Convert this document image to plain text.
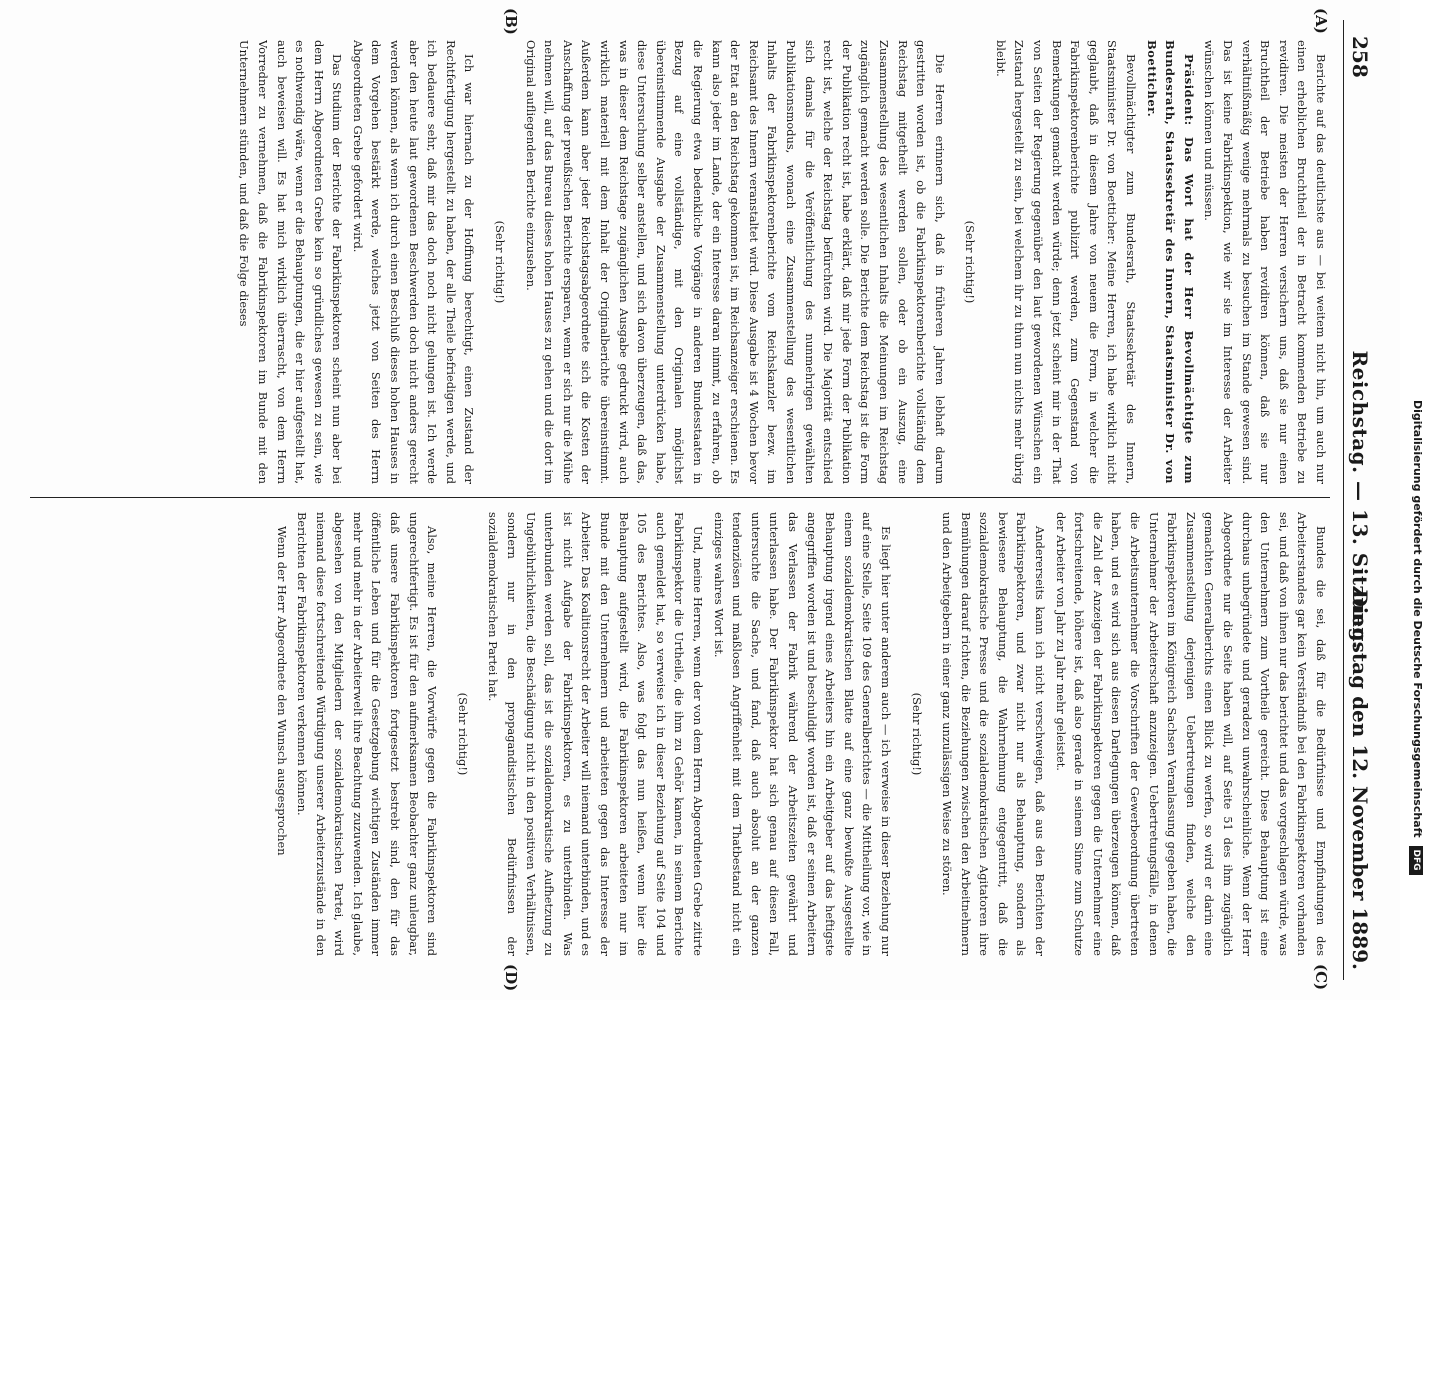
258
Reichstag. — 13. Sitzung.
Dienstag den 12. November 1889.
(A)
(B)
(C)
(D)

Berichte auf das deutlichste aus — bei weitem nicht hin, um auch nur einen erheblichen Bruchtheil der in Betracht kommenden Betriebe zu revidiren. Die meisten der Herren versichern uns, daß sie nur einen Bruchtheil der Betriebe haben revidiren können, daß sie nur verhältnißmäßig wenige mehrmals zu besuchen im Stande gewesen sind. Das ist keine Fabrikinspektion, wie wir sie im Interesse der Arbeiter wünschen können und müssen.

Präsident: Das Wort hat der Herr Bevollmächtigte zum Bundesrath, Staatssekretär des Innern, Staatsminister Dr. von Boetticher.

Bevollmächtigter zum Bundesrath, Staatssekretär des Innern, Staatsminister Dr. von Boetticher: Meine Herren, ich habe wirklich nicht geglaubt, daß in diesem Jahre von neuem die Form, in welcher die Fabrikinspektorenberichte publizirt werden, zum Gegenstand von Bemerkungen gemacht werden würde; denn jetzt scheint mir in der That von Seiten der Regierung gegenüber den laut gewordenen Wünschen ein Zustand hergestellt zu sein, bei welchem ihr zu thun nun nichts mehr übrig bleibt.

(Sehr richtig!)

Die Herren erinnern sich, daß in früheren Jahren lebhaft darum gestritten worden ist, ob die Fabrikinspektorenberichte vollständig dem Reichstag mitgetheilt werden sollen, oder ob ein Auszug, eine Zusammenstellung des wesentlichen Inhalts die Meinungen im Reichstag zugänglich gemacht werden solle. Die Berichte dem Reichstag ist die Form der Publikation recht ist, habe erklärt, daß mir jede Form der Publikation recht ist, welche der Reichstag befürchten wird. Die Majorität entschied sich damals für die Veröffentlichung des nunmehrigen gewählten Publikationsmodus, wonach eine Zusammenstellung des wesentlichen Inhalts der Fabrikinspektorenberichte vom Reichskanzler bezw. im Reichsamt des Innern veranstaltet wird. Diese Ausgabe ist 4 Wochen bevor der Etat an den Reichstag gekommen ist, im Reichsanzeiger erschienen. Es kann also jeder im Lande, der ein Interesse daran nimmt, zu erfahren, ob die Regierung etwa bedenkliche Vorgänge in anderen Bundesstaaten in Bezug auf eine vollständige, mit den Originalen möglichst übereinstimmende Ausgabe der Zusammenstellung unterdrücken habe, diese Untersuchung selber anstellen, und sich davon überzeugen, daß das, was in dieser dem Reichstage zugänglichen Ausgabe gedruckt wird, auch wirklich materiell mit dem Inhalt der Originalberichte übereinstimmt. Außerdem kann aber jeder Reichstagsabgeordnete sich die Kosten der Anschaffung der preußischen Berichte ersparen, wenn er sich nur die Mühe nehmen will, auf das Bureau dieses hohen Hauses zu gehen und die dort im Original aufliegenden Berichte einzusehen.

(Sehr richtig!)

Ich war hiernach zu der Hoffnung berechtigt, einen Zustand der Rechtfertigung hergestellt zu haben, der alle Theile befriedigen werde, und ich bedauere sehr, daß mir das doch noch nicht gelungen ist. Ich werde aber den heute laut gewordenen Beschwerden doch nicht anders gerecht werden können, als wenn ich durch einen Beschluß dieses hohen Hauses in dem Vorgehen bestärkt werde, welches jetzt von Seiten des Herrn Abgeordneten Grebe gefordert wird.

Das Studium der Berichte der Fabrikinspektoren scheint nun aber bei dem Herrn Abgeordneten Grebe kein so gründliches gewesen zu sein, wie es nothwendig wäre, wenn er die Behauptungen, die er hier aufgestellt hat, auch beweisen will. Es hat mich wirklich überrascht, von dem Herrn Vorredner zu vernehmen, daß die Fabrikinspektoren im Bunde mit den Unternehmern stünden, und daß die Folge dieses

Bundes die sei, daß für die Bedürfnisse und Empfindungen des Arbeiterstandes gar kein Verständniß bei den Fabrikinspektoren vorhanden sei, und daß von ihnen nur das berichtet und das vorgeschlagen würde, was den Unternehmern zum Vortheile gereicht. Diese Behauptung ist eine durchaus unbegründete und geradezu unwahrscheinliche. Wenn der Herr Abgeordnete nur die Seite haben will, auf Seite 51 des ihm zugänglich gemachten Generalberichts einen Blick zu werfen, so wird er darin eine Zusammenstellung derjenigen Uebertretungen finden, welche den Fabrikinspektoren im Königreich Sachsen Veranlassung gegeben haben, die Unternehmer der Arbeiterschaft anzuzeigen. Uebertretungsfälle, in denen die Arbeitsunternehmer die Vorschriften der Gewerbeordnung übertreten haben, und es wird sich aus diesen Darlegungen überzeugen können, daß die Zahl der Anzeigen der Fabrikinspektoren gegen die Unternehmer eine fortschreitende, höhere ist, daß also gerade in seinem Sinne zum Schutze der Arbeiter von Jahr zu Jahr mehr geleistet.

Andererseits kann ich nicht verschweigen, daß aus den Berichten der Fabrikinspektoren, und zwar nicht nur als Behauptung, sondern als bewiesene Behauptung, die Wahrnehmung entgegentritt, daß die sozialdemokratische Presse und die sozialdemokratischen Agitatoren ihre Bemühungen darauf richten, die Beziehungen zwischen den Arbeitnehmern und den Arbeitgebern in einer ganz unzulässigen Weise zu stören.

(Sehr richtig!)

Es liegt hier unter anderem auch — ich verweise in dieser Beziehung nur auf eine Stelle, Seite 109 des Generalberichtes — die Mittheilung vor, wie in einem sozialdemokratischen Blatte auf eine ganz bewußte Ausgestellte Behauptung irgend eines Arbeiters hin ein Arbeitgeber auf das heftigste angegriffen worden ist und beschuldigt worden ist, daß er seinen Arbeitern das Verlassen der Fabrik während der Arbeitszeiten gewährt und unterlassen habe. Der Fabrikinspektor hat sich genau auf diesen Fall, untersuchte die Sache, und fand, daß auch absolut an der ganzen tendenziösen und maßlosen Angriffenheit mit dem Thatbestand nicht ein einziges wahres Wort ist.

Und, meine Herren, wenn der von dem Herrn Abgeordneten Grebe zitirte Fabrikinspektor die Urtheile, die ihm zu Gehör kamen, in seinem Berichte auch gemeldet hat, so verweise ich in dieser Beziehung auf Seite 104 und 105 des Berichtes. Also, was folgt das nun heißen, wenn hier die Behauptung aufgestellt wird, die Fabrikinspektoren arbeiteten nur im Bunde mit den Unternehmern und arbeiteten gegen das Interesse der Arbeiter. Das Koalitionsrecht der Arbeiter will niemand unterbinden, und es ist nicht Aufgabe der Fabrikinspektoren, es zu unterbinden. Was unterbunden werden soll, das ist die sozialdemokratische Aufhetzung zu Ungebührlichkeiten, die Beschädigung nicht in den positiven Verhältnissen, sondern nur in den propagandistischen Bedürfnissen der sozialdemokratischen Partei hat.

(Sehr richtig!)

Also, meine Herren, die Vorwürfe gegen die Fabrikinspektoren sind ungerechtfertigt. Es ist für den aufmerksamen Beobachter ganz unleugbar, daß unsere Fabrikinspektoren fortgesetzt bestrebt sind, den für das öffentliche Leben und für die Gesetzgebung wichtigen Zuständen immer mehr und mehr in der Arbeiterwelt ihre Beachtung zuzuwenden. Ich glaube, abgesehen von den Mitgliedern der sozialdemokratischen Partei, wird niemand diese fortschreitende Würdigung unserer Arbeiterzustände in den Berichten der Fabrikinspektoren verkennen können.

Wenn der Herr Abgeordnete den Wunsch ausgesprochen	Digitalisierung gefördert durch die Deutsche Forschungsgemeinschaft DFG
